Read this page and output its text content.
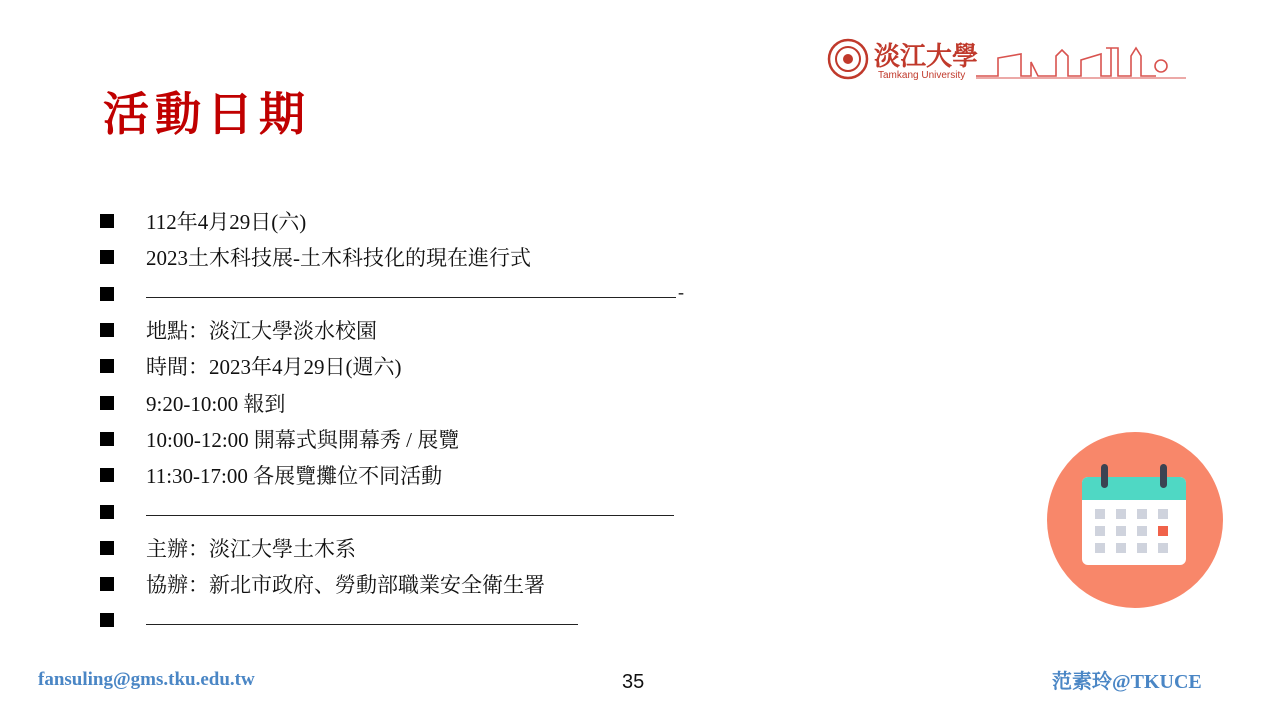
活動日期
淡江大學
Tamkang University
112年4月29日(六)
2023土木科技展-土木科技化的現在進行式
-
地點：淡江大學淡水校園
時間：2023年4月29日(週六)
9:20-10:00 報到
10:00-12:00 開幕式與開幕秀 / 展覽
11:30-17:00 各展覽攤位不同活動
主辦：淡江大學土木系
協辦：新北市政府、勞動部職業安全衛生署
fansuling@gms.tku.edu.tw	35	范素玲@TKUCE
